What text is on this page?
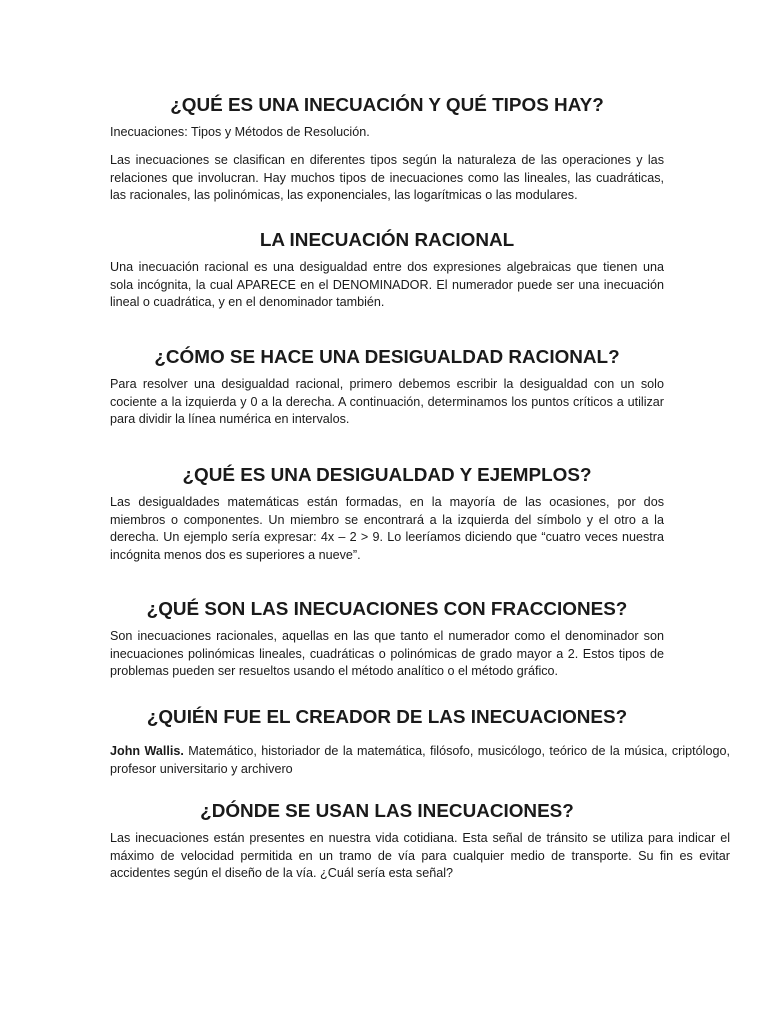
¿QUÉ ES UNA INECUACIÓN Y QUÉ TIPOS HAY?

Inecuaciones: Tipos y Métodos de Resolución.

Las inecuaciones se clasifican en diferentes tipos según la naturaleza de las operaciones y las relaciones que involucran. Hay muchos tipos de inecuaciones como las lineales, las cuadráticas, las racionales, las polinómicas, las exponenciales, las logarítmicas o las modulares.

LA INECUACIÓN RACIONAL

Una inecuación racional es una desigualdad entre dos expresiones algebraicas que tienen una sola incógnita, la cual APARECE en el DENOMINADOR. El numerador puede ser una inecuación lineal o cuadrática, y en el denominador también.

¿CÓMO SE HACE UNA DESIGUALDAD RACIONAL?

Para resolver una desigualdad racional, primero debemos escribir la desigualdad con un solo cociente a la izquierda y 0 a la derecha. A continuación, determinamos los puntos críticos a utilizar para dividir la línea numérica en intervalos.

¿QUÉ ES UNA DESIGUALDAD Y EJEMPLOS?

Las desigualdades matemáticas están formadas, en la mayoría de las ocasiones, por dos miembros o componentes. Un miembro se encontrará a la izquierda del símbolo y el otro a la derecha. Un ejemplo sería expresar: 4x – 2 > 9. Lo leeríamos diciendo que “cuatro veces nuestra incógnita menos dos es superiores a nueve”.

¿QUÉ SON LAS INECUACIONES CON FRACCIONES?

Son inecuaciones racionales, aquellas en las que tanto el numerador como el denominador son inecuaciones polinómicas lineales, cuadráticas o polinómicas de grado mayor a 2. Estos tipos de problemas pueden ser resueltos usando el método analítico o el método gráfico.

¿QUIÉN FUE EL CREADOR DE LAS INECUACIONES?

John Wallis. Matemático, historiador de la matemática, filósofo, musicólogo, teórico de la música, criptólogo, profesor universitario y archivero

¿DÓNDE SE USAN LAS INECUACIONES?

Las inecuaciones están presentes en nuestra vida cotidiana. Esta señal de tránsito se utiliza para indicar el máximo de velocidad permitida en un tramo de vía para cualquier medio de transporte. Su fin es evitar accidentes según el diseño de la vía. ¿Cuál sería esta señal?
